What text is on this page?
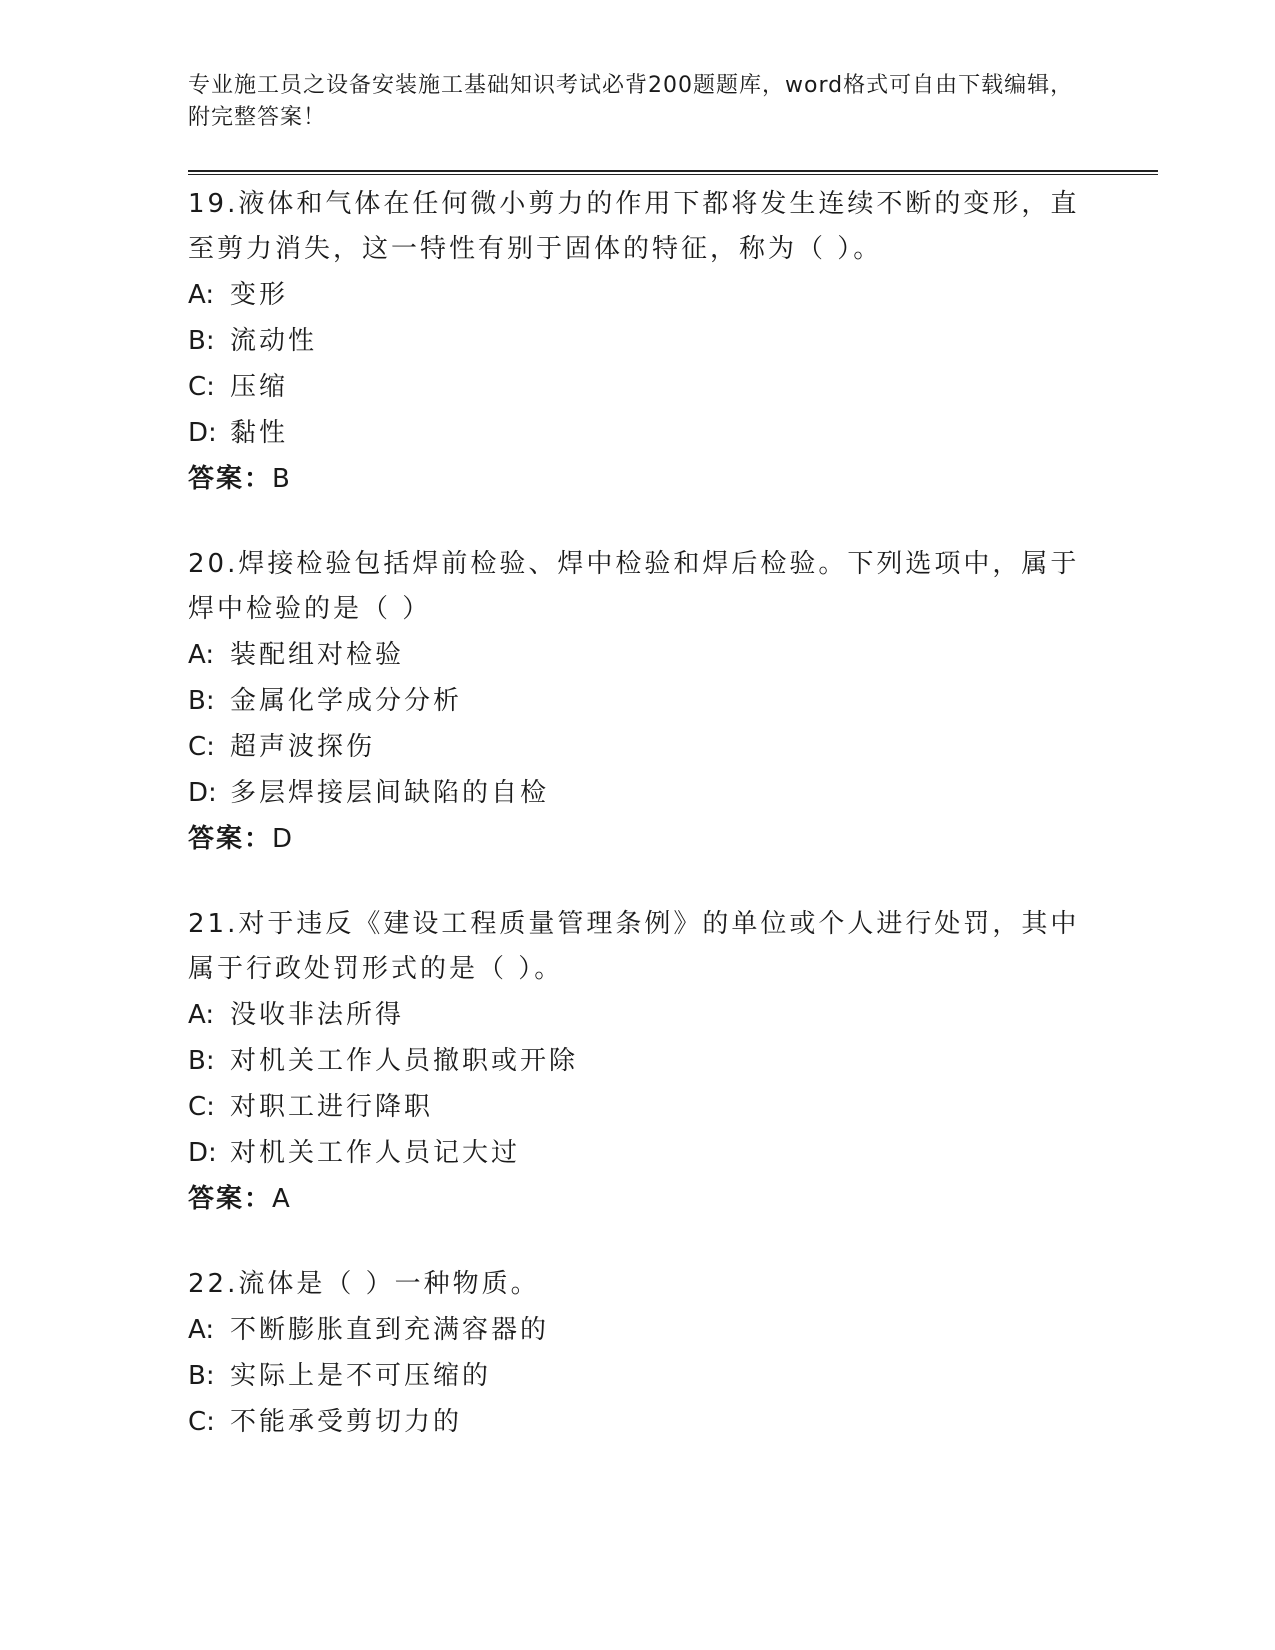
专业施工员之设备安装施工基础知识考试必背200题题库，word格式可自由下载编辑，附完整答案！
19.液体和气体在任何微小剪力的作用下都将发生连续不断的变形，直至剪力消失，这一特性有别于固体的特征，称为（ ）。
A: 变形
B: 流动性
C: 压缩
D: 黏性
答案：B
20.焊接检验包括焊前检验、焊中检验和焊后检验。下列选项中，属于焊中检验的是（ ）
A: 装配组对检验
B: 金属化学成分分析
C: 超声波探伤
D: 多层焊接层间缺陷的自检
答案：D
21.对于违反《建设工程质量管理条例》的单位或个人进行处罚，其中属于行政处罚形式的是（ ）。
A: 没收非法所得
B: 对机关工作人员撤职或开除
C: 对职工进行降职
D: 对机关工作人员记大过
答案：A
22.流体是（ ）一种物质。
A: 不断膨胀直到充满容器的
B: 实际上是不可压缩的
C: 不能承受剪切力的
